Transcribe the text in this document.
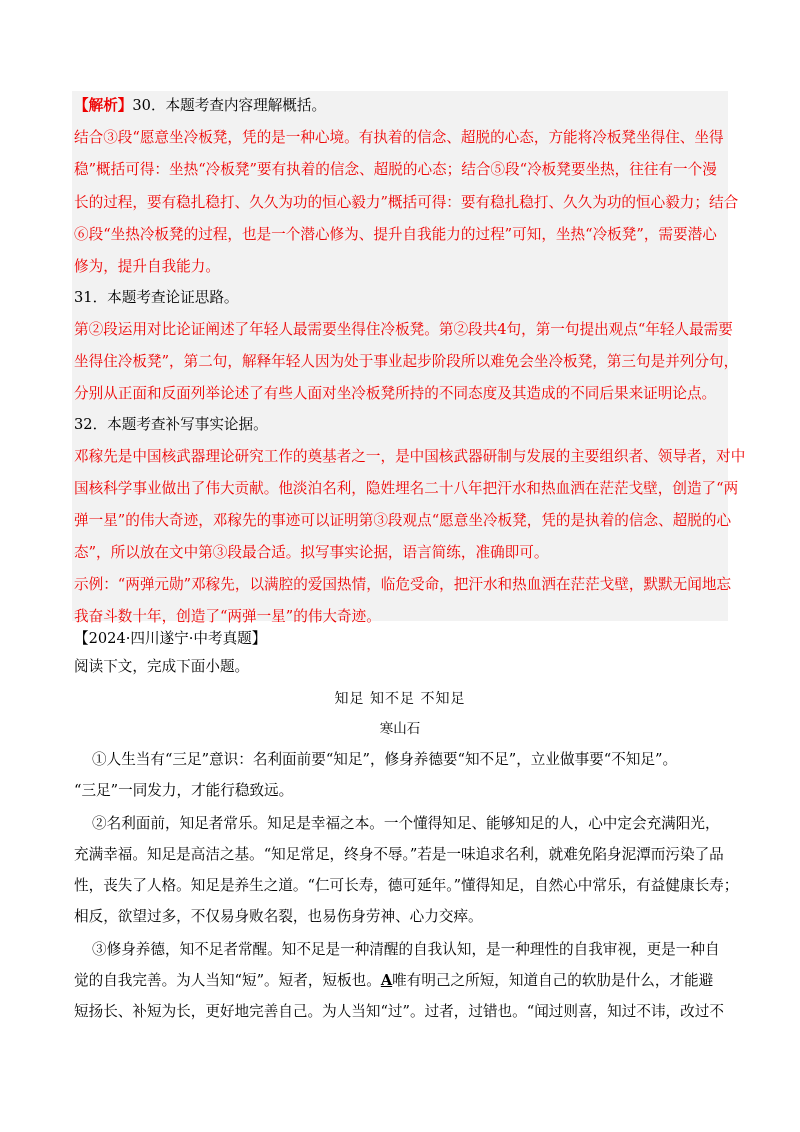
【解析】30．本题考查内容理解概括。
结合③段“愿意坐冷板凳，凭的是一种心境。有执着的信念、超脱的心态，方能将冷板凳坐得住、坐得
稳”概括可得：坐热“冷板凳”要有执着的信念、超脱的心态；结合⑤段“冷板凳要坐热，往往有一个漫
长的过程，要有稳扎稳打、久久为功的恒心毅力”概括可得：要有稳扎稳打、久久为功的恒心毅力；结合
⑥段“坐热冷板凳的过程，也是一个潜心修为、提升自我能力的过程”可知，坐热“冷板凳”，需要潜心
修为，提升自我能力。
31．本题考查论证思路。
第②段运用对比论证阐述了年轻人最需要坐得住冷板凳。第②段共4句，第一句提出观点“年轻人最需要
坐得住冷板凳”，第二句，解释年轻人因为处于事业起步阶段所以难免会坐冷板凳，第三句是并列分句，
分别从正面和反面列举论述了有些人面对坐冷板凳所持的不同态度及其造成的不同后果来证明论点。
32．本题考查补写事实论据。
邓稼先是中国核武器理论研究工作的奠基者之一，是中国核武器研制与发展的主要组织者、领导者，对中
国核科学事业做出了伟大贡献。他淡泊名利，隐姓埋名二十八年把汗水和热血洒在茫茫戈壁，创造了“两
弹一星”的伟大奇迹，邓稼先的事迹可以证明第③段观点“愿意坐冷板凳，凭的是执着的信念、超脱的心
态”，所以放在文中第③段最合适。拟写事实论据，语言简练，准确即可。
示例：“两弹元勋”邓稼先，以满腔的爱国热情，临危受命，把汗水和热血洒在茫茫戈壁，默默无闻地忘
我奋斗数十年，创造了“两弹一星”的伟大奇迹。
【2024·四川遂宁·中考真题】
阅读下文，完成下面小题。
知足 知不足 不知足
寒山石
①人生当有“三足”意识：名利面前要“知足”，修身养德要“知不足”，立业做事要“不知足”。
“三足”一同发力，才能行稳致远。
②名利面前，知足者常乐。知足是幸福之本。一个懂得知足、能够知足的人，心中定会充满阳光，
充满幸福。知足是高洁之基。“知足常足，终身不辱。”若是一味追求名利，就难免陷身泥潭而污染了品
性，丧失了人格。知足是养生之道。“仁可长寿，德可延年。”懂得知足，自然心中常乐，有益健康长寿；
相反，欲望过多，不仅易身败名裂，也易伤身劳神、心力交瘁。
③修身养德，知不足者常醒。知不足是一种清醒的自我认知，是一种理性的自我审视，更是一种自
觉的自我完善。为人当知“短”。短者，短板也。A唯有明己之所短，知道自己的软肋是什么，才能避
短扬长、补短为长，更好地完善自己。为人当知“过”。过者，过错也。“闻过则喜，知过不讳，改过不
